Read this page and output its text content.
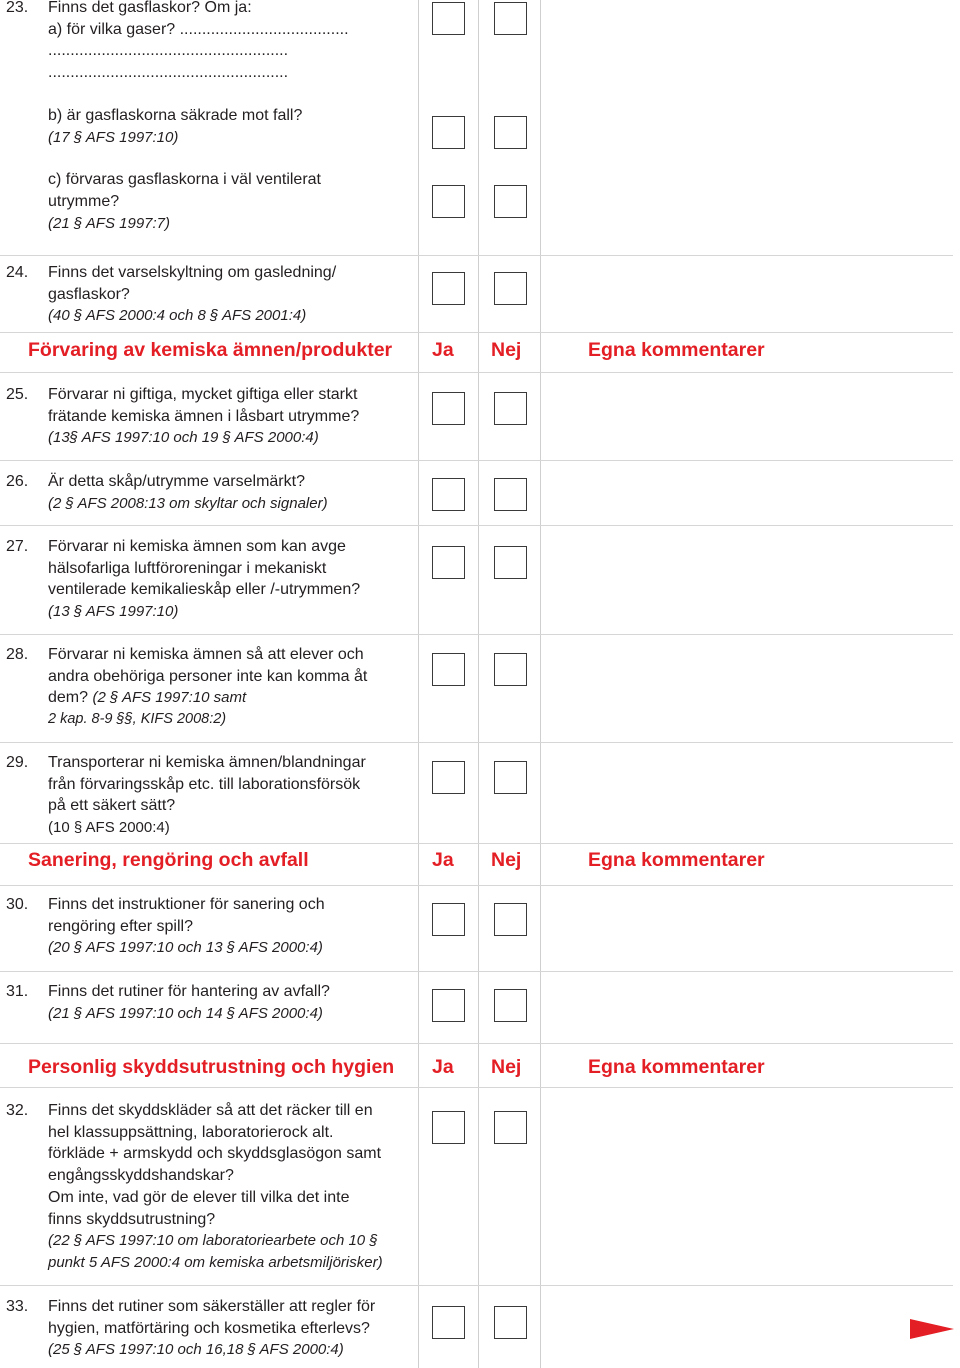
23. Finns det gasflaskor? Om ja:
a) för vilka gaser? ......................................
......................................................
......................................................
b) är gasflaskorna säkrade mot fall?
(17 § AFS 1997:10)
c) förvaras gasflaskorna i väl ventilerat
utrymme?
(21 § AFS 1997:7)
24. Finns det varselskyltning om gasledning/
gasflaskor?
(40 § AFS 2000:4 och 8 § AFS 2001:4)
Förvaring av kemiska ämnen/produkter Ja Nej	Egna kommentarer
25. Förvarar ni giftiga, mycket giftiga eller starkt
frätande kemiska ämnen i låsbart utrymme?
(13§ AFS 1997:10 och 19 § AFS 2000:4)
26. Är detta skåp/utrymme varselmärkt?
(2 § AFS 2008:13 om skyltar och signaler)
27. Förvarar ni kemiska ämnen som kan avge
hälsofarliga luftföroreningar i mekaniskt
ventilerade kemikalieskåp eller /-utrymmen?
(13 § AFS 1997:10)
28. Förvarar ni kemiska ämnen så att elever och
andra obehöriga personer inte kan komma åt
dem? (2 § AFS 1997:10 samt
2 kap. 8-9 §§, KIFS 2008:2)
29. Transporterar ni kemiska ämnen/blandningar
från förvaringsskåp etc. till laborationsförsök
på ett säkert sätt?
(10 § AFS 2000:4)
Sanering, rengöring och avfall	Ja Nej	Egna kommentarer
30. Finns det instruktioner för sanering och
rengöring efter spill?
(20 § AFS 1997:10 och 13 § AFS 2000:4)
31. Finns det rutiner för hantering av avfall?
(21 § AFS 1997:10 och 14 § AFS 2000:4)
Personlig skyddsutrustning och hygien Ja Nej	Egna kommentarer
32. Finns det skyddskläder så att det räcker till en
hel klassuppsättning, laboratorierock alt.
förkläde + armskydd och skyddsglasögon samt
engångsskyddshandskar?
Om inte, vad gör de elever till vilka det inte
finns skyddsutrustning?
(22 § AFS 1997:10 om laboratoriearbete och 10 §
punkt 5 AFS 2000:4 om kemiska arbetsmiljörisker)
33. Finns det rutiner som säkerställer att regler för
hygien, matförtäring och kosmetika efterlevs?
(25 § AFS 1997:10 och 16,18 § AFS 2000:4)
